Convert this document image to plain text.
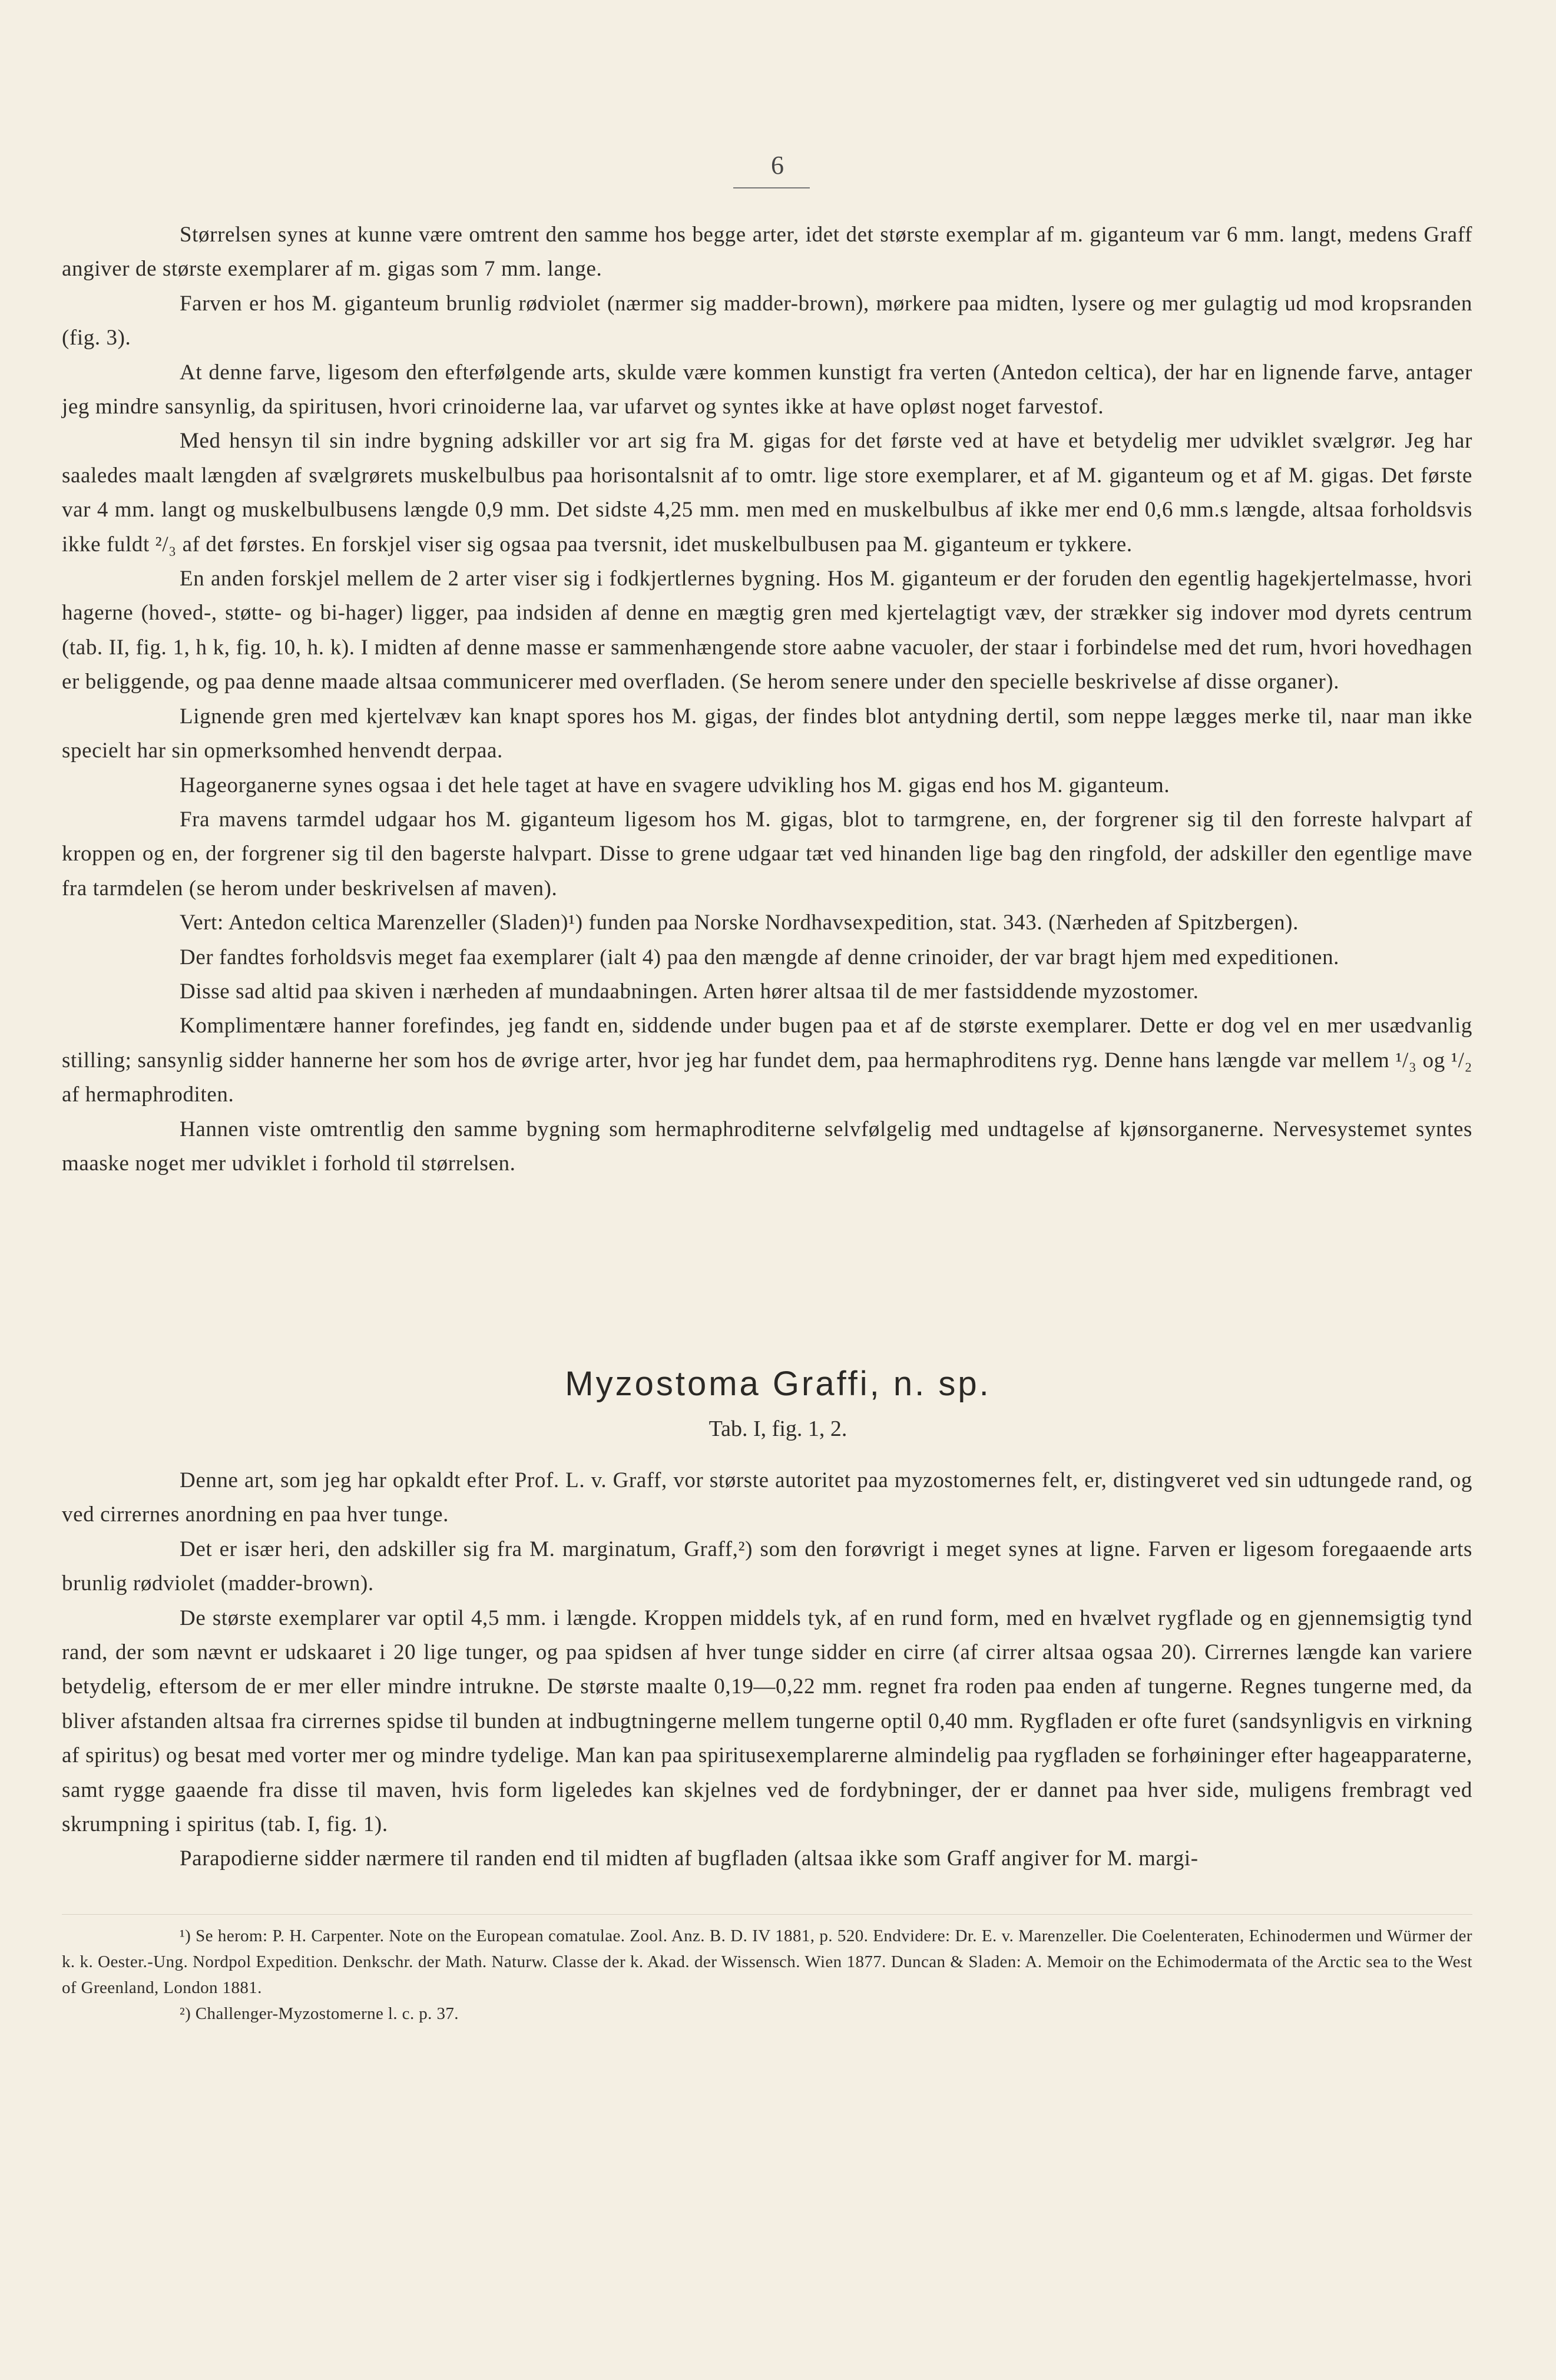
6

Størrelsen synes at kunne være omtrent den samme hos begge arter, idet det største exemplar af m. giganteum var 6 mm. langt, medens Graff angiver de største exemplarer af m. gigas som 7 mm. lange.

Farven er hos M. giganteum brunlig rødviolet (nærmer sig madder-brown), mørkere paa midten, lysere og mer gulagtig ud mod kropsranden (fig. 3).

At denne farve, ligesom den efterfølgende arts, skulde være kommen kunstigt fra verten (Antedon celtica), der har en lignende farve, antager jeg mindre sansynlig, da spiritusen, hvori crinoiderne laa, var ufarvet og syntes ikke at have opløst noget farvestof.

Med hensyn til sin indre bygning adskiller vor art sig fra M. gigas for det første ved at have et betydelig mer udviklet svælgrør. Jeg har saaledes maalt længden af svælgrørets muskelbulbus paa horisontalsnit af to omtr. lige store exemplarer, et af M. giganteum og et af M. gigas. Det første var 4 mm. langt og muskelbulbusens længde 0,9 mm. Det sidste 4,25 mm. men med en muskelbulbus af ikke mer end 0,6 mm.s længde, altsaa forholdsvis ikke fuldt ²/₃ af det førstes. En forskjel viser sig ogsaa paa tversnit, idet muskelbulbusen paa M. giganteum er tykkere.

En anden forskjel mellem de 2 arter viser sig i fodkjertlernes bygning. Hos M. giganteum er der foruden den egentlig hagekjertelmasse, hvori hagerne (hoved-, støtte- og bi-hager) ligger, paa indsiden af denne en mægtig gren med kjertelagtigt væv, der strækker sig indover mod dyrets centrum (tab. II, fig. 1, h k, fig. 10, h. k). I midten af denne masse er sammenhængende store aabne vacuoler, der staar i forbindelse med det rum, hvori hovedhagen er beliggende, og paa denne maade altsaa communicerer med overfladen. (Se herom senere under den specielle beskrivelse af disse organer).

Lignende gren med kjertelvæv kan knapt spores hos M. gigas, der findes blot antydning dertil, som neppe lægges merke til, naar man ikke specielt har sin opmerksomhed henvendt derpaa.

Hageorganerne synes ogsaa i det hele taget at have en svagere udvikling hos M. gigas end hos M. giganteum.

Fra mavens tarmdel udgaar hos M. giganteum ligesom hos M. gigas, blot to tarmgrene, en, der forgrener sig til den forreste halvpart af kroppen og en, der forgrener sig til den bagerste halvpart. Disse to grene udgaar tæt ved hinanden lige bag den ringfold, der adskiller den egentlige mave fra tarmdelen (se herom under beskrivelsen af maven).

Vert: Antedon celtica Marenzeller (Sladen)¹) funden paa Norske Nordhavsexpedition, stat. 343. (Nærheden af Spitzbergen).

Der fandtes forholdsvis meget faa exemplarer (ialt 4) paa den mængde af denne crinoider, der var bragt hjem med expeditionen.

Disse sad altid paa skiven i nærheden af mundaabningen. Arten hører altsaa til de mer fastsiddende myzostomer.

Komplimentære hanner forefindes, jeg fandt en, siddende under bugen paa et af de største exemplarer. Dette er dog vel en mer usædvanlig stilling; sansynlig sidder hannerne her som hos de øvrige arter, hvor jeg har fundet dem, paa hermaphroditens ryg. Denne hans længde var mellem ¹/₃ og ¹/₂ af hermaphroditen.

Hannen viste omtrentlig den samme bygning som hermaphroditerne selvfølgelig med undtagelse af kjønsorganerne. Nervesystemet syntes maaske noget mer udviklet i forhold til størrelsen.

Myzostoma Graffi, n. sp.
Tab. I, fig. 1, 2.

Denne art, som jeg har opkaldt efter Prof. L. v. Graff, vor største autoritet paa myzostomernes felt, er, distingveret ved sin udtungede rand, og ved cirrernes anordning en paa hver tunge.

Det er især heri, den adskiller sig fra M. marginatum, Graff,²) som den forøvrigt i meget synes at ligne. Farven er ligesom foregaaende arts brunlig rødviolet (madder-brown).

De største exemplarer var optil 4,5 mm. i længde. Kroppen middels tyk, af en rund form, med en hvælvet rygflade og en gjennemsigtig tynd rand, der som nævnt er udskaaret i 20 lige tunger, og paa spidsen af hver tunge sidder en cirre (af cirrer altsaa ogsaa 20). Cirrernes længde kan variere betydelig, eftersom de er mer eller mindre intrukne. De største maalte 0,19—0,22 mm. regnet fra roden paa enden af tungerne. Regnes tungerne med, da bliver afstanden altsaa fra cirrernes spidse til bunden at indbugtningerne mellem tungerne optil 0,40 mm. Rygfladen er ofte furet (sandsynligvis en virkning af spiritus) og besat med vorter mer og mindre tydelige. Man kan paa spiritusexemplarerne almindelig paa rygfladen se forhøininger efter hageapparaterne, samt rygge gaaende fra disse til maven, hvis form ligeledes kan skjelnes ved de fordybninger, der er dannet paa hver side, muligens frembragt ved skrumpning i spiritus (tab. I, fig. 1).

Parapodierne sidder nærmere til randen end til midten af bugfladen (altsaa ikke som Graff angiver for M. margi-

¹) Se herom: P. H. Carpenter. Note on the European comatulae. Zool. Anz. B. D. IV 1881, p. 520. Endvidere: Dr. E. v. Marenzeller. Die Coelenteraten, Echinodermen und Würmer der k. k. Oester.-Ung. Nordpol Expedition. Denkschr. der Math. Naturw. Classe der k. Akad. der Wissensch. Wien 1877. Duncan & Sladen: A. Memoir on the Echimodermata of the Arctic sea to the West of Greenland, London 1881.

²) Challenger-Myzostomerne l. c. p. 37.
